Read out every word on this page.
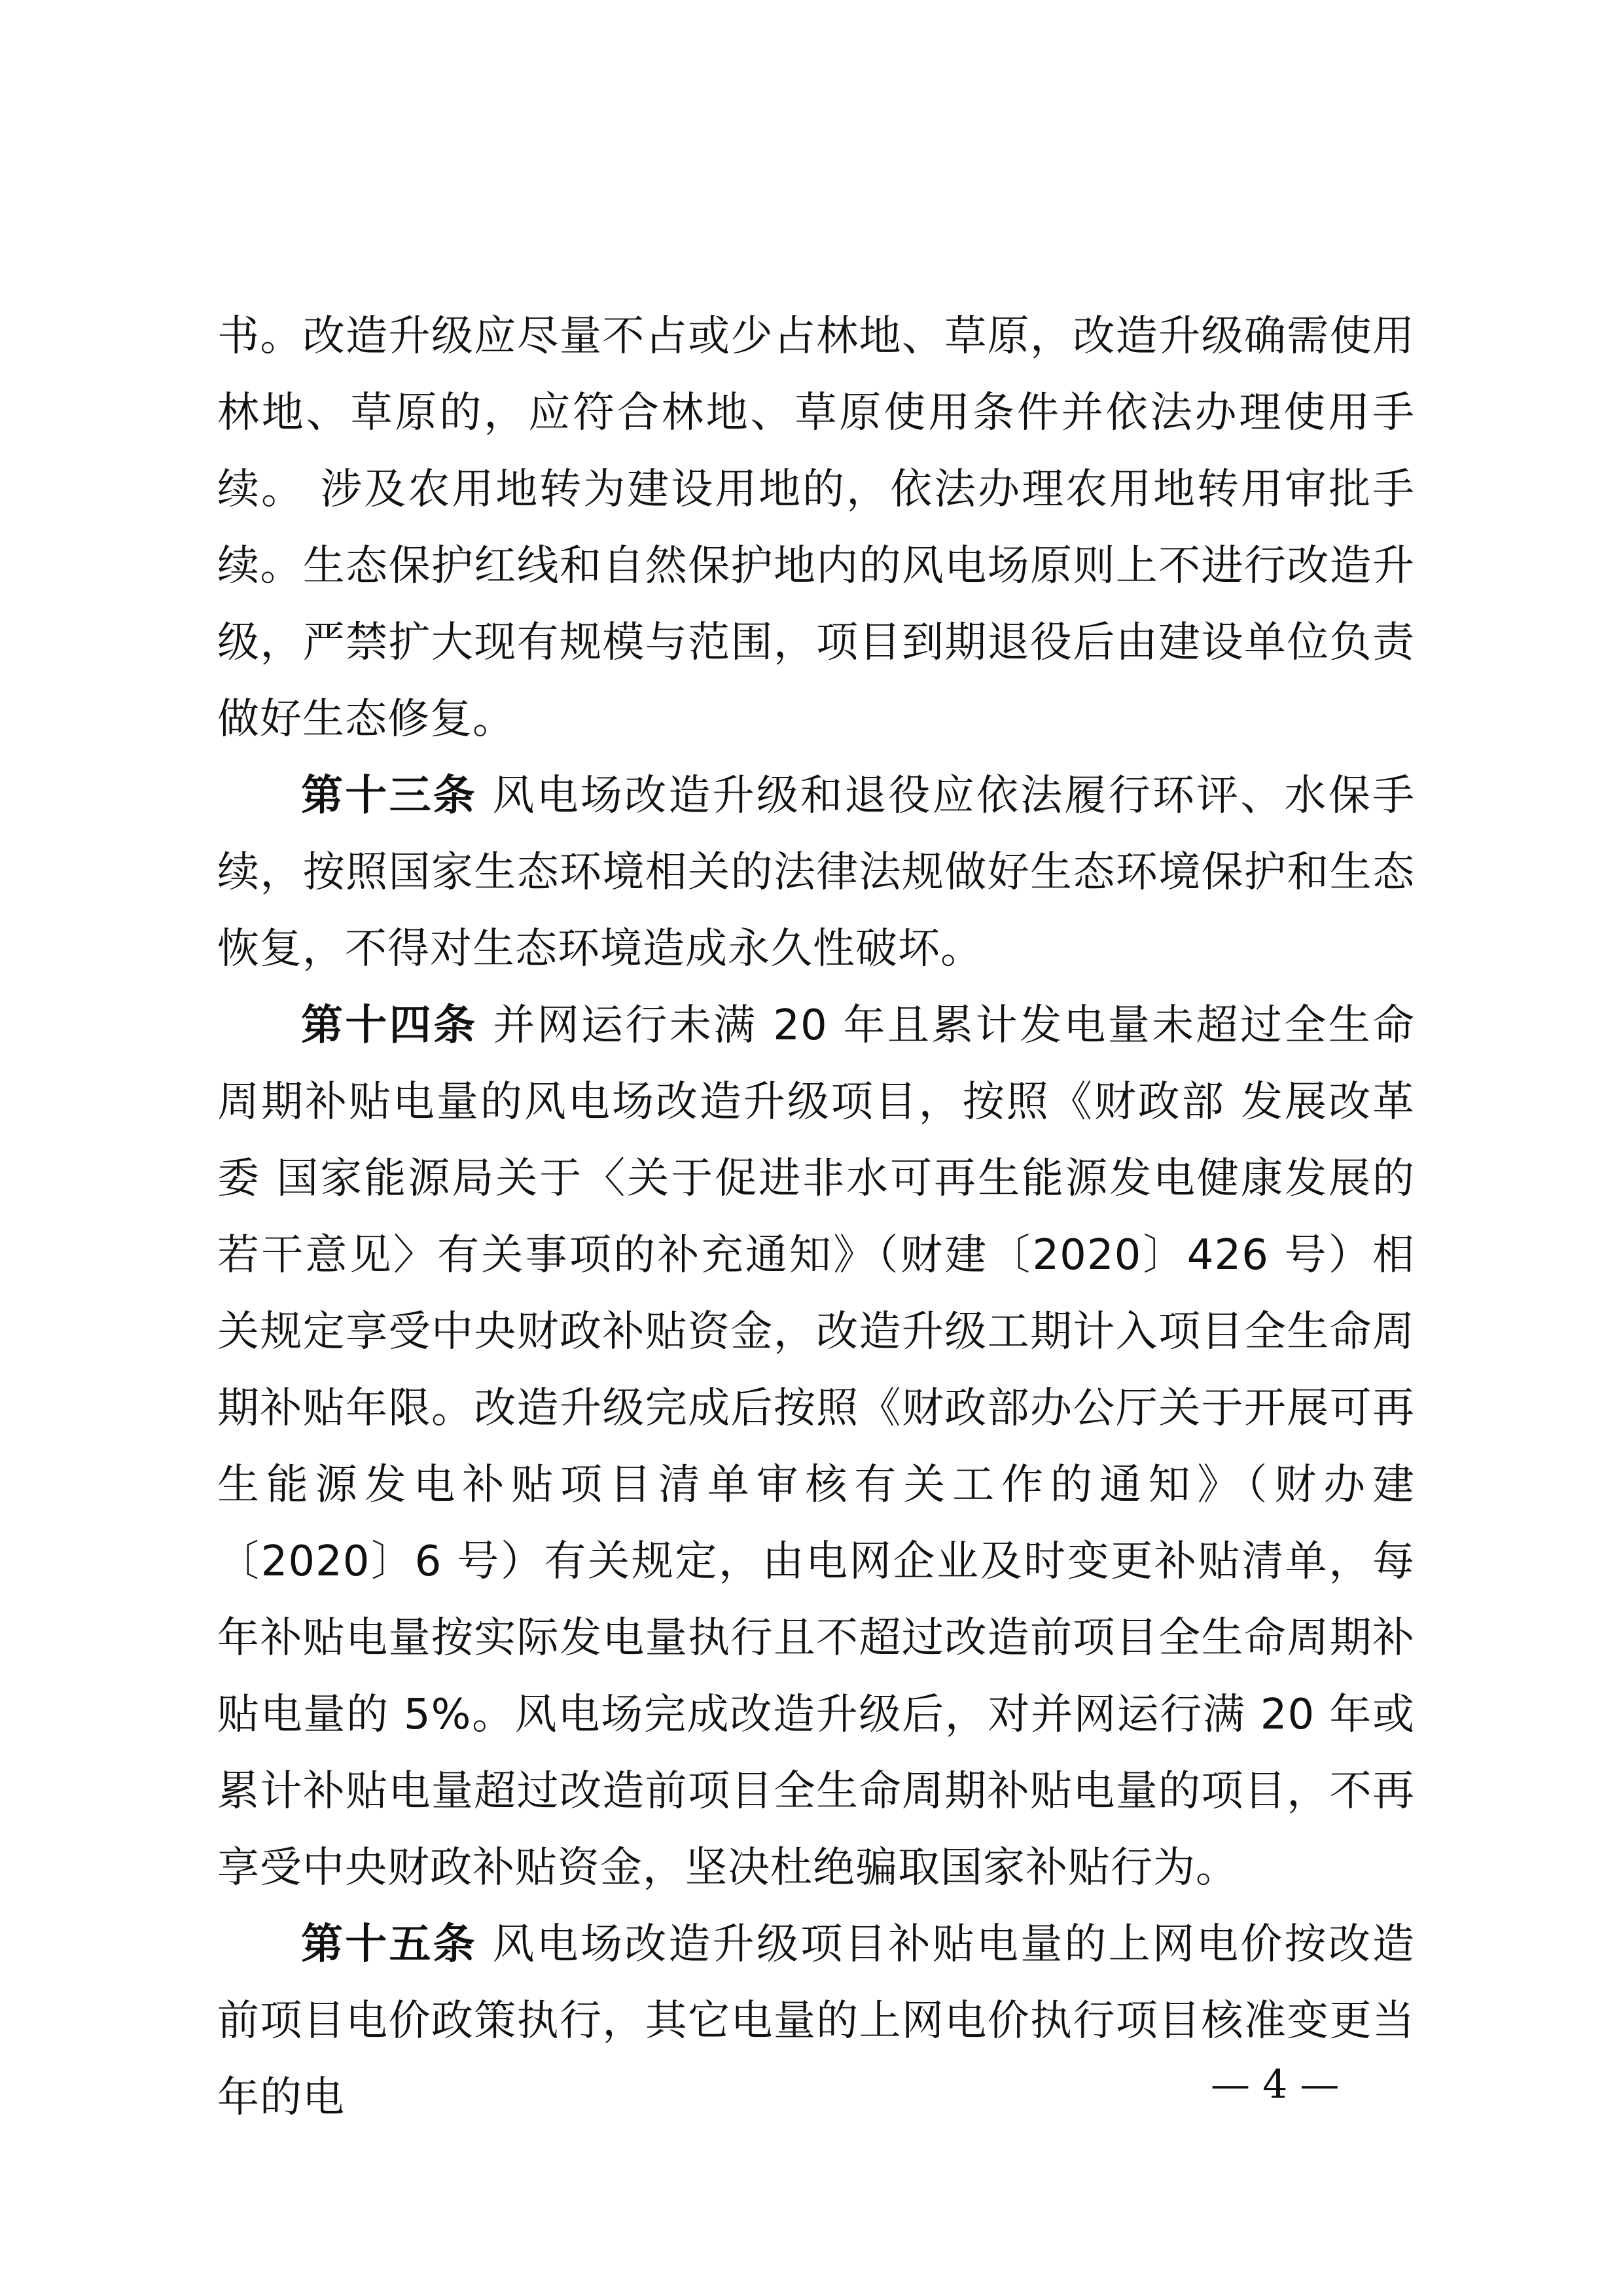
书。改造升级应尽量不占或少占林地、草原，改造升级确需使用林地、草原的，应符合林地、草原使用条件并依法办理使用手续。 涉及农用地转为建设用地的，依法办理农用地转用审批手续。生态保护红线和自然保护地内的风电场原则上不进行改造升级，严禁扩大现有规模与范围，项目到期退役后由建设单位负责做好生态修复。

第十三条 风电场改造升级和退役应依法履行环评、水保手续，按照国家生态环境相关的法律法规做好生态环境保护和生态恢复，不得对生态环境造成永久性破坏。

第十四条 并网运行未满 20 年且累计发电量未超过全生命周期补贴电量的风电场改造升级项目，按照《财政部 发展改革委 国家能源局关于〈关于促进非水可再生能源发电健康发展的若干意见〉有关事项的补充通知》（财建〔2020〕426 号）相关规定享受中央财政补贴资金，改造升级工期计入项目全生命周期补贴年限。改造升级完成后按照《财政部办公厅关于开展可再生能源发电补贴项目清单审核有关工作的通知》（财办建〔2020〕6 号）有关规定，由电网企业及时变更补贴清单，每年补贴电量按实际发电量执行且不超过改造前项目全生命周期补贴电量的 5%。风电场完成改造升级后，对并网运行满 20 年或累计补贴电量超过改造前项目全生命周期补贴电量的项目，不再享受中央财政补贴资金，坚决杜绝骗取国家补贴行为。

第十五条 风电场改造升级项目补贴电量的上网电价按改造前项目电价政策执行，其它电量的上网电价执行项目核准变更当年的电	— 4 —
